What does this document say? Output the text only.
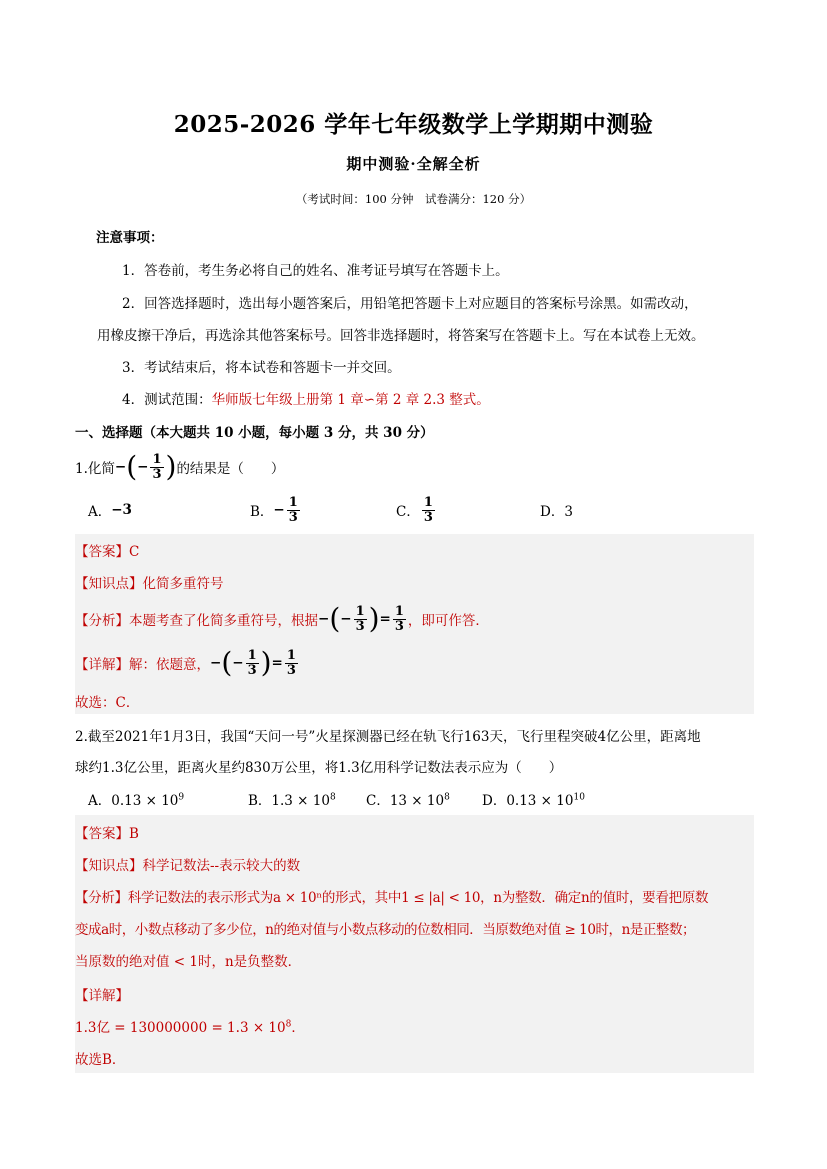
2025-2026 学年七年级数学上学期期中测验
期中测验·全解全析
（考试时间：100 分钟　试卷满分：120 分）
注意事项：
1．答卷前，考生务必将自己的姓名、准考证号填写在答题卡上。
2．回答选择题时，选出每小题答案后，用铅笔把答题卡上对应题目的答案标号涂黑。如需改动，
用橡皮擦干净后，再选涂其他答案标号。回答非选择题时，将答案写在答题卡上。写在本试卷上无效。
3．考试结束后，将本试卷和答题卡一并交回。
4．测试范围：华师版七年级上册第 1 章∽第 2 章 2.3 整式。
一、选择题（本大题共 10 小题，每小题 3 分，共 30 分）
1.化简 − ( − $\frac{1}{3}$ ) 的结果是（　　）
A． −3	B． − $\frac{1}{3}$	C． $\frac{1}{3}$	D．3
【答案】C
【知识点】化简多重符号
【分析】 本题考查了化简多重符号，根据 − ( − $\frac{1}{3}$ ) = $\frac{1}{3}$ ，即可作答．
【详解】 解：依题意， − ( − $\frac{1}{3}$ ) = $\frac{1}{3}$
故选：C．
2.截至2021年1月3日，我国“天问一号”火星探测器已经在轨飞行163天，飞行里程突破4亿公里，距离地
球约1.3亿公里，距离火星约830万公里，将1.3亿用科学记数法表示应为（　　）
A．$0.13 \times 10^9$	B．$1.3 \times 10^8$ C．$13 \times 10^8$ D．$0.13 \times 10^{10}$
【答案】B
【知识点】科学记数法--表示较大的数
【分析】科学记数法的表示形式为a × 10ⁿ的形式，其中1 ≤ |a| < 10，n为整数．确定n的值时，要看把原数
变成a时，小数点移动了多少位，n的绝对值与小数点移动的位数相同．当原数绝对值 ≥ 10时，n是正整数；
当原数的绝对值 < 1时，n是负整数．
【详解】
1.3亿 = $130000000 = 1.3 \times 10^8$．
故选B．
